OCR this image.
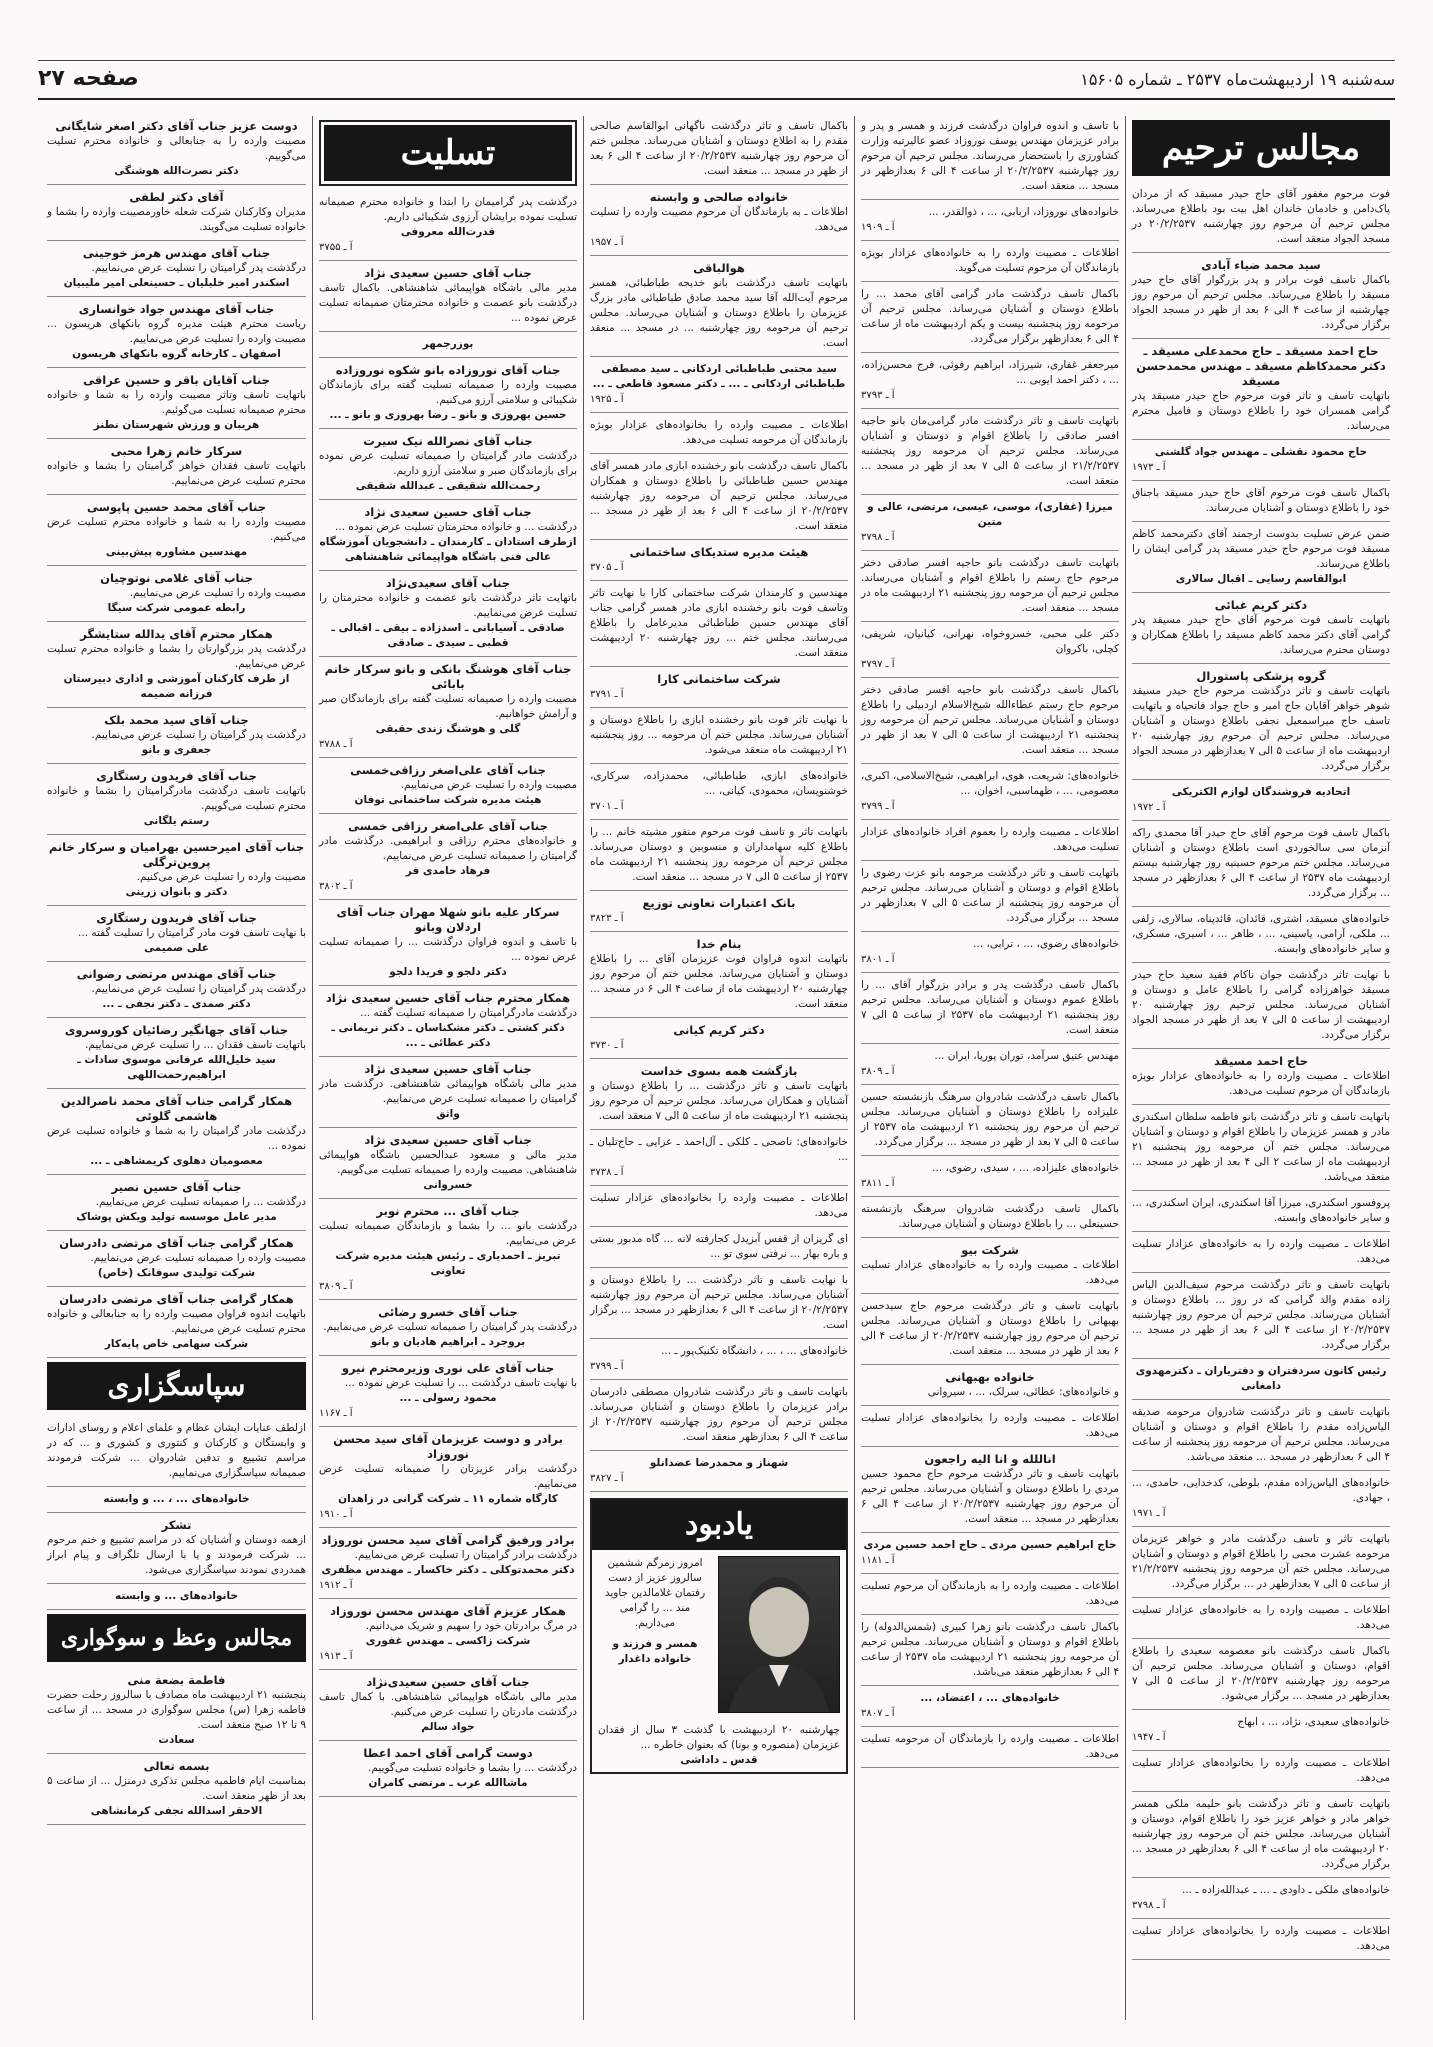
سه‌شنبه ۱۹ اردیبهشت‌ماه ۲۵۳۷ ـ شماره ۱۵۶۰۵
صفحه ۲۷
مجالس ترحیم
فوت مرحوم مغفور آقای حاج حیدر مسیقد که از مردان پاک‌دامن و خادمان خاندان اهل بیت بود باطلاع می‌رساند. مجلس ترحیم آن مرحوم روز چهارشنبه ۲۰/۲/۲۵۳۷ در مسجد الجواد منعقد است.
سید محمد ضیاء آبادی
باکمال تاسف فوت برادر و پدر بزرگوار آقای حاج حیدر مسیقد را باطلاع می‌رساند. مجلس ترحیم آن مرحوم روز چهارشنبه از ساعت ۴ الی ۶ بعد از ظهر در مسجد الجواد برگزار می‌گردد.
حاج احمد مسیقد ـ حاج محمدعلی مسیقد ـ دکتر محمدکاظم مسیقد ـ مهندس محمدحسن مسیقد
باتهایت تاسف و تاثر فوت مرحوم حاج حیدر مسیقد پدر گرامی همسران خود را باطلاع دوستان و فامیل محترم می‌رساند.
حاج محمود نقشلی ـ مهندس جواد گلشنی
آ ـ ۱۹۷۳
باکمال تاسف فوت مرحوم آقای حاج حیدر مسیقد باجناق خود را باطلاع دوستان و آشنایان می‌رساند.
ضمن عرض تسلیت بدوست ارجمند آقای دکترمحمد کاظم مسیقد فوت مرحوم حاج حیدر مسیقد پدر گرامی ایشان را باطلاع می‌رساند.
ابوالقاسم رسایی ـ اقبال سالاری
دکتر کریم غبائی
باتهایت تاسف فوت مرحوم آقای حاج حیدر مسیقد پدر گرامی آقای دکتر محمد کاظم مسیقد را باطلاع همکاران و دوستان محترم می‌رساند.
گروه پزشکی پاستورال
باتهایت تاسف و تاثر درگذشت مرحوم حاج حیدر مسیقد شوهر خواهر آقایان حاج امیر و حاج جواد فاتحیاه و باتهایت تاسف حاج میراسمعیل نجفی باطلاع دوستان و آشنایان می‌رساند. مجلس ترحیم آن مرحوم روز چهارشنبه ۲۰ اردیبهشت ماه از ساعت ۵ الی ۷ بعدازظهر در مسجد الجواد برگزار می‌گردد.
اتحادیه فروشندگان لوازم الکتریکی
آ ـ ۱۹۷۲
باکمال تاسف فوت مرحوم آقای حاج حیدر آقا محمدی راکه آنزمان سی سالخوردی است باطلاع دوستان و آشنایان می‌رساند. مجلس ختم مرحوم حسینیه روز چهارشنبه بیستم اردیبهشت ماه ۲۵۳۷ از ساعت ۴ الی ۶ بعدازظهر در مسجد ... برگزار می‌گردد.
خانواده‌های مسیقد، اشتری، قائدان، قائدپناه، سالاری، زلفی‌ ... ملکی، آرامی، یاسینی، ... ، ظاهر ... ، اسیری، مسکری، و سایر خانواده‌های وابسته.
با نهایت تاثر درگذشت جوان ناکام فقید سعید حاج حیدر مسیقد خواهرزاده گرامی را باطلاع عامل و دوستان و آشنایان می‌رساند. مجلس ترحیم روز چهارشنبه ۲۰ اردیبهشت از ساعت ۵ الی ۷ بعد از ظهر در مسجد الجواد برگزار می‌گردد.
حاج احمد مسیقد
اطلاعات ـ مصیبت وارده را به خانواده‌های عزادار بویژه بازماندگان آن مرحوم تسلیت می‌دهد.
باتهایت تاسف و تاثر درگذشت بانو فاطمه سلطان اسکندری مادر و همسر عزیزمان را باطلاع اقوام و دوستان و آشنایان می‌رساند. مجلس ختم آن مرحومه روز پنجشنبه ۲۱ اردیبهشت ماه از ساعت ۲ الی ۴ بعد از ظهر در مسجد ... منعقد می‌باشد.
پروفسور اسکندری، میرزا آقا اسکندری، ایران اسکندری، ... و سایر خانواده‌های وابسته.
اطلاعات ـ مصیبت وارده را به خانواده‌های عزادار تسلیت می‌دهد.
باتهایت تاسف و تاثر درگذشت مرحوم سیف‌الدین الیاس زاده مقدم والد گرامی که در روز ... باطلاع دوستان و آشنایان می‌رساند. مجلس ترحیم آن مرحوم روز چهارشنبه ۲۰/۲/۲۵۳۷ از ساعت ۴ الی ۶ بعد از ظهر در مسجد ... برگزار می‌گردد.
رئیس کانون سردفتران و دفتریاران ـ دکترمهدوی دامغانی
باتهایت تاسف و تاثر درگذشت شادروان مرحومه صدیقه الیاس‌زاده مقدم را باطلاع اقوام و دوستان و آشنایان می‌رساند. مجلس ترحیم آن مرحومه روز پنجشنبه از ساعت ۴ الی ۶ بعدازظهر در مسجد ... منعقد می‌باشد.
خانواده‌های الیاس‌زاده مقدم، بلوطی، کدخدایی، حامدی، ... ، جهادی.
آ ـ ۱۹۷۱
باتهایت تاثر و تاسف درگذشت مادر و خواهر عزیزمان مرحومه عشرت محبی را باطلاع اقوام و دوستان و آشنایان می‌رساند. مجلس ختم آن مرحومه روز پنجشنبه ۲۱/۲/۲۵۳۷ از ساعت ۵ الی ۷ بعدازظهر در ... برگزار می‌گردد.
اطلاعات ـ مصیبت وارده را به خانواده‌های عزادار تسلیت می‌دهد.
باکمال تاسف درگذشت بانو معصومه سعیدی را باطلاع اقوام، دوستان و آشنایان می‌رساند. مجلس ترحیم آن مرحومه روز چهارشنبه ۲۰/۲/۲۵۳۷ از ساعت ۵ الی ۷ بعدازظهر در مسجد ... برگزار می‌شود.
خانواده‌های سعیدی، نژاد، ... ، ابهاج
آ ـ ۱۹۴۷
اطلاعات ـ مصیبت وارده را بخانواده‌های عزادار تسلیت می‌دهد.
باتهایت تاسف و تاثر درگذشت بانو حلیمه ملکی همسر خواهر مادر و خواهر عزیز خود را باطلاع اقوام، دوستان و آشنایان می‌رساند. مجلس ختم آن مرحومه روز چهارشنبه ۲۰ اردیبهشت ماه از ساعت ۴ الی ۶ بعدازظهر در مسجد ... برگزار می‌گردد.
خانواده‌های ملکی ـ داودی ـ ... ـ عبدالله‌زاده ـ ...
آ ـ ۳۷۹۸
اطلاعات ـ مصیبت وارده را بخانواده‌های عزادار تسلیت می‌دهد.
با تاسف و اندوه فراوان درگذشت فرزند و همسر و پدر و برادر عزیزمان مهندس یوسف نوروزاد عضو عالیرتبه وزارت کشاورزی را باستحضار می‌رساند. مجلس ترحیم آن مرحوم روز چهارشنبه ۲۰/۲/۲۵۳۷ از ساعت ۴ الی ۶ بعدازظهر در مسجد ... منعقد است.
خانواده‌های نوروزاد، اربابی، ... ، ذوالقدر، ...
آ ـ ۱۹۰۹
اطلاعات ـ مصیبت وارده را به خانواده‌های عزادار بویژه بازماندگان آن مرحوم تسلیت می‌گوید.
باکمال تاسف درگذشت مادر گرامی آقای محمد ... را باطلاع دوستان و آشنایان می‌رساند. مجلس ترحیم آن مرحومه روز پنجشنبه بیست و یکم اردیبهشت ماه از ساعت ۴ الی ۶ بعدازظهر برگزار می‌گردد.
میرجعفر غفاری، شیرزاد، ابراهیم رفوئی، فرج محسن‌زاده، ... ، دکتر احمد ایوبی ...
آ ـ ۳۷۹۳
باتهایت تاسف و تاثر درگذشت مادر گرامی‌مان بانو حاجیه افسر صادقی را باطلاع اقوام و دوستان و آشنایان می‌رساند. مجلس ترحیم آن مرحومه روز پنجشنبه ۲۱/۲/۲۵۳۷ از ساعت ۵ الی ۷ بعد از ظهر در مسجد ... منعقد است.
میرزا (غفاری)، موسی، عیسی، مرتضی، عالی و متین
آ ـ ۳۷۹۸
باتهایت تاسف درگذشت بانو حاجیه افسر صادقی دختر مرحوم حاج رستم را باطلاع اقوام و آشنایان می‌رساند. مجلس ترحیم آن مرحومه روز پنجشنبه ۲۱ اردیبهشت ماه در مسجد ... منعقد است.
دکتر علی محبی، خسروخواه، نهرانی، کیانیان، شریفی، کچلی، باکروان
آ ـ ۳۷۹۷
باکمال تاسف درگذشت بانو حاجیه افسر صادقی دختر مرحوم حاج رستم عطاءالله شیخ‌الاسلام اردبیلی را باطلاع دوستان و آشنایان می‌رساند. مجلس ترحیم آن مرحومه روز پنجشنبه ۲۱ اردیبهشت از ساعت ۵ الی ۷ بعد از ظهر در مسجد ... منعقد است.
خانواده‌های: شریعت، هوی، ابراهیمی، شیخ‌الاسلامی، اکبری، معصومی، ... ، طهماسبی، اخوان، ...
آ ـ ۳۷۹۹
اطلاعات ـ مصیبت وارده را بعموم افراد خانواده‌های عزادار تسلیت می‌دهد.
باتهایت تاسف و تاثر درگذشت مرحومه بانو عزت رضوی را باطلاع اقوام و دوستان و آشنایان می‌رساند. مجلس ترحیم آن مرحومه روز پنجشنبه از ساعت ۵ الی ۷ بعدازظهر در مسجد ... برگزار می‌گردد.
خانواده‌های رضوی، ... ، ترابی، ...
آ ـ ۳۸۰۱
باکمال تاسف درگذشت پدر و برادر بزرگوار آقای ... را باطلاع عموم دوستان و آشنایان می‌رساند. مجلس ترحیم روز پنجشنبه ۲۱ اردیبهشت ماه ۲۵۳۷ از ساعت ۵ الی ۷ منعقد است.
مهندس عتیق سرآمد، توران پوریا، ایران ...
آ ـ ۳۸۰۹
باکمال تاسف درگذشت شادروان سرهنگ بازنشسته حسین علیزاده را باطلاع دوستان و آشنایان می‌رساند. مجلس ترحیم آن مرحوم روز پنجشنبه ۲۱ اردیبهشت ماه ۲۵۳۷ از ساعت ۵ الی ۷ بعد از ظهر در مسجد ... برگزار می‌گردد.
خانواده‌های علیزاده، ... ، سیدی، رضوی، ...
آ ـ ۳۸۱۱
باکمال تاسف درگذشت شادروان سرهنگ بازنشسته حسینعلی ... را باطلاع دوستان و آشنایان می‌رساند.
شرکت بیو
اطلاعات ـ مصیبت وارده را به خانواده‌های عزادار تسلیت می‌دهد.
باتهایت تاسف و تاثر درگذشت مرحوم حاج سیدحسن بهبهانی را باطلاع دوستان و آشنایان می‌رساند. مجلس ترحیم آن مرحوم روز چهارشنبه ۲۰/۲/۲۵۳۷ از ساعت ۴ الی ۶ بعد از ظهر در مسجد ... منعقد است.
خانواده بهبهانی
و خانواده‌های: عطائی، سرلک، ... ، سیروانی
اطلاعات ـ مصیبت وارده را بخانواده‌های عزادار تسلیت می‌دهد.
اناللله و انا الیه راجعون
باتهایت تاسف و تاثر درگذشت مرحوم حاج محمود حسین مردی را باطلاع دوستان و آشنایان می‌رساند. مجلس ترحیم آن مرحوم روز چهارشنبه ۲۰/۲/۲۵۳۷ از ساعت ۴ الی ۶ بعدازظهر در مسجد ... منعقد است.
حاج ابراهیم حسین مردی ـ حاج احمد حسین مردی
آ ـ ۱۱۸۱
اطلاعات ـ مصیبت وارده را به بازماندگان آن مرحوم تسلیت می‌دهد.
باکمال تاسف درگذشت بانو زهرا کبیری (شمس‌الدوله) را باطلاع اقوام و دوستان و آشنایان می‌رساند. مجلس ترحیم آن مرحومه روز پنجشنبه ۲۱ اردیبهشت ماه ۲۵۳۷ از ساعت ۴ الی ۶ بعدازظهر منعقد می‌باشد.
خانواده‌های ... ، اعتضاد، ...
آ ـ ۳۸۰۷
اطلاعات ـ مصیبت وارده را بازماندگان آن مرحومه تسلیت می‌دهد.
باکمال تاسف و تاثر درگذشت ناگهانی ابوالقاسم صالحی مقدم را به اطلاع دوستان و آشنایان می‌رساند. مجلس ختم آن مرحوم روز چهارشنبه ۲۰/۲/۲۵۳۷ از ساعت ۴ الی ۶ بعد از ظهر در مسجد ... منعقد است.
خانواده صالحی و وابسته
اطلاعات ـ به بازماندگان آن مرحوم مصیبت وارده را تسلیت می‌دهد.
آ ـ ۱۹۵۷
هوالباقی
باتهایت تاسف درگذشت بانو خدیجه طباطبائی، همسر مرحوم آیت‌الله آقا سید محمد صادق طباطبائی مادر بزرگ عزیزمان را باطلاع دوستان و آشنایان می‌رساند. مجلس ترحیم آن مرحومه روز چهارشنبه ... در مسجد ... منعقد است.
سید مجتبی طباطبائی اردکانی ـ سید مصطفی طباطبائی اردکانی ـ ... ـ دکتر مسعود قاطعی ـ ...
آ ـ ۱۹۲۵
اطلاعات ـ مصیبت وارده را بخانواده‌های عزادار بویژه بازماندگان آن مرحومه تسلیت می‌دهد.
باکمال تاسف درگذشت بانو رخشنده ابازی مادر همسر آقای مهندس حسین طباطبائی را باطلاع دوستان و همکاران می‌رساند. مجلس ترحیم آن مرحومه روز چهارشنبه ۲۰/۲/۲۵۳۷ از ساعت ۴ الی ۶ بعد از ظهر در مسجد ... منعقد است.
هیئت مدیره ستدیکای ساختمانی
آ ـ ۳۷۰۵
مهندسین و کارمندان شرکت ساختمانی کارا با نهایت تاثر وتاسف فوت بانو رخشنده ابازی مادر همسر گرامی جناب آقای مهندس حسین طباطبائی مدیرعامل را باطلاع می‌رسانند. مجلس ختم ... روز چهارشنبه ۲۰ اردیبهشت منعقد است.
شرکت ساختمانی کارا
آ ـ ۳۷۹۱
با نهایت تاثر فوت بانو رخشنده ابازی را باطلاع دوستان و آشنایان می‌رساند. مجلس ختم آن مرحومه ... روز پنجشنبه ۲۱ اردیبهشت ماه منعقد می‌شود.
خانواده‌های ابازی، طباطبائی، محمدزاده، سرکاری، خوشنویسان، محمودی، کیانی، ...
آ ـ ۳۷۰۱
باتهایت تاثر و تاسف فوت مرحوم منفور مشیته خانم ... را باطلاع کلیه سهامداران و منسوبین و دوستان می‌رساند. مجلس ترحیم آن مرحومه روز پنجشنبه ۲۱ اردیبهشت ماه ۲۵۳۷ از ساعت ۵ الی ۷ در مسجد ... منعقد است.
بانک اعتبارات تعاونی توزیع
آ ـ ۳۸۲۳
بنام خدا
باتهایت اندوه فراوان فوت عزیزمان آقای ... را باطلاع دوستان و آشنایان می‌رساند. مجلس ختم آن مرحوم روز چهارشنبه ۲۰ اردیبهشت ماه از ساعت ۴ الی ۶ در مسجد ... منعقد است.
دکتر کریم کیانی
آ ـ ۳۷۳۰
بازگشت همه بسوی خداست
باتهایت تاسف و تاثر درگذشت ... را باطلاع دوستان و آشنایان و همکاران می‌رساند. مجلس ترحیم آن مرحوم روز پنجشنبه ۲۱ اردیبهشت ماه از ساعت ۵ الی ۷ منعقد است.
خانواده‌های: ناصحی ـ کلکی ـ آل‌احمد ـ عزایی ـ حاج‌تلیان ـ ...
آ ـ ۳۷۳۸
اطلاعات ـ مصیبت وارده را بخانواده‌های عزادار تسلیت می‌دهد.
ای گریزان از قفس آبزیدل کجارفته لانه ... گاه مدبور بستی و باره بهار ... نرفتی سوی تو ...
با نهایت تاسف و تاثر درگذشت ... را باطلاع دوستان و آشنایان می‌رساند. مجلس ترحیم آن مرحوم روز چهارشنبه ۲۰/۲/۲۵۳۷ از ساعت ۴ الی ۶ بعدازظهر در مسجد ... برگزار است.
خانواده‌های ... ، ... ، دانشگاه تکنیک‌پور ـ ...
آ ـ ۳۷۹۹
باتهایت تاسف و تاثر درگذشت شادروان مصطفی دادرسان برادر عزیزمان را باطلاع دوستان و آشنایان می‌رساند. مجلس ترحیم آن مرحوم روز چهارشنبه ۲۰/۲/۲۵۳۷ از ساعت ۴ الی ۶ بعدازظهر منعقد است.
شهناز و محمدرضا عضدانلو
آ ـ ۳۸۲۷
یادبود
امروز زمرگم ششمین سالروز عزیز از دست رفتمان غلامالدین جاوید مند ... را گرامی می‌داریم.
همسر و فرزند و خانواده داغدار
چهارشنبه ۲۰ اردیبهشت با گذشت ۳ سال از فقدان عزیزمان (منصوره و بونا) که بعنوان خاطره ...
قدس ـ داداشی
تسلیت
درگذشت پدر گرامیمان را ابتدا و خانواده محترم صمیمانه تسلیت نموده برایشان آرزوی شکیبائی داریم.
قدرت‌الله معروفی
آ ـ ۳۷۵۵
جناب آقای حسین سعیدی نژاد
مدیر مالی باشگاه هواپیمائی شاهنشاهی. باکمال تاسف درگذشت بانو عصمت و خانواده محترمتان صمیمانه تسلیت عرض نموده ...
بوزرجمهر
جناب آقای نوروزاده بانو شکوه نوروزاده
مصیبت وارده را صمیمانه تسلیت گفته برای بازماندگان شکیبائی و سلامتی آرزو می‌کنیم.
حسین بهروزی و بانو ـ رضا بهروزی و بانو ـ ...
جناب آقای نصرالله نیک سیرت
درگذشت مادر گرامیتان را صمیمانه تسلیت عرض نموده برای بازماندگان صبر و سلامتی آرزو داریم.
رحمت‌الله شقیقی ـ عبدالله شقیقی
جناب آقای حسین سعیدی نژاد
درگذشت ... و خانواده محترمتان تسلیت عرض نموده ...
ازطرف استادان ـ کارمندان ـ دانشجویان آموزشگاه عالی فنی باشگاه هواپیمائی شاهنشاهی
جناب آقای سعیدی‌نژاد
باتهایت تاثر درگذشت بانو عصمت و خانواده محترمتان را تسلیت عرض می‌نماییم.
صادقی ـ آسیابانی ـ اسدزاده ـ بیقی ـ اقبالی ـ قطبی ـ سیدی ـ صادقی
جناب آقای هوشنگ بانکی و بانو سرکار خانم بابائی
مصیبت وارده را صمیمانه تسلیت گفته برای بازماندگان صبر و آرامش خواهانیم.
گلی و هوشنگ زندی حقیقی
آ ـ ۳۷۸۸
جناب آقای علی‌اصغر رزاقی‌خمسی
مصیبت وارده را تسلیت عرض می‌نماییم.
هیئت مدیره شرکت ساختمانی توفان
جناب آقای علی‌اصغر رزاقی خمسی
و خانواده‌های محترم رزاقی و ابراهیمی. درگذشت مادر گرامیتان را صمیمانه تسلیت عرض می‌نماییم.
فرهاد حامدی فر
آ ـ ۳۸۰۲
سرکار علیه بانو شهلا مهران جناب آقای اردلان وبانو
با تاسف و اندوه فراوان درگذشت ... را صمیمانه تسلیت عرض نموده ...
دکتر دلجو و فریدا دلجو
همکار محترم جناب آقای حسین سعیدی نژاد
درگذشت مادرگرامیتان را صمیمانه تسلیت گفته ...
دکتر کشتی ـ دکتر مشکناسان ـ دکتر نریمانی ـ دکتر عطائی ـ ...
جناب آقای حسین سعیدی نژاد
مدیر مالی باشگاه هواپیمائی شاهنشاهی. درگذشت مادر گرامیتان را صمیمانه تسلیت عرض می‌نماییم.
واثق
جناب آقای حسین سعیدی نژاد
مدیر مالی و مسعود عبدالحسین باشگاه هواپیمائی شاهنشاهی. مصیبت وارده را صمیمانه تسلیت می‌گوییم.
خسروانی
جناب آقای ... محترم نوبر
درگذشت بانو ... را بشما و بازماندگان صمیمانه تسلیت عرض می‌نماییم.
تبریز ـ احمدیاری ـ رئیس هیئت مدیره شرکت تعاونی
آ ـ ۳۸۰۹
جناب آقای خسرو رضائی
درگذشت پدر گرامیتان را صمیمانه تسلیت عرض می‌نماییم.
بروجرد ـ ابراهیم هادیان و بانو
جناب آقای علی نوری وزیرمحترم نیرو
با نهایت تاسف درگذشت ... را تسلیت عرض نموده ...
محمود رسولی ـ ...
آ ـ ۱۱۶۷
برادر و دوست عزیزمان آقای سید محسن نوروزاد
درگذشت برادر عزیزتان را صمیمانه تسلیت عرض می‌نماییم.
کارگاه شماره ۱۱ ـ شرکت گرانی در زاهدان
آ ـ ۱۹۱۰
برادر ورفیق گرامی آقای سید محسن نوروزاد
درگذشت برادر گرامیتان را تسلیت عرض می‌نماییم.
دکتر محمدتوکلی ـ دکتر خاکسار ـ مهندس مظفری
آ ـ ۱۹۱۲
همکار عزیزم آقای مهندس محسن نوروزاد
در مرگ برادرتان خود را سهیم و شریک می‌دانیم.
شرکت زاکسی ـ مهندس غفوری
آ ـ ۱۹۱۳
جناب آقای حسین سعیدی‌نژاد
مدیر مالی باشگاه هواپیمائی شاهنشاهی. با کمال تاسف درگذشت مادرتان را تسلیت عرض می‌کنیم.
جواد سالم
دوست گرامی آقای احمد اعطا
درگذشت ... را بشما و خانواده تسلیت می‌گوییم.
ماشاالله عرب ـ مرتضی کامران
دوست عزیز جناب آقای دکتر اصغر شایگانی
مصیبت وارده را به جنابعالی و خانواده محترم تسلیت می‌گوییم.
دکتر نصرت‌الله هوشنگی
آقای دکتر لطفی
مدیران وکارکنان شرکت شعله خاورمصیبت وارده را بشما و خانواده تسلیت می‌گویند.
جناب آقای مهندس هرمز خوجینی
درگذشت پدر گرامیتان را تسلیت عرض می‌نماییم.
اسکندر امیر خلیلیان ـ حسینعلی امیر ملیبیان
جناب آقای مهندس جواد خوانساری
ریاست محترم هیئت مدیره گروه بانکهای هریسون ... مصیبت وارده را تسلیت عرض می‌نماییم.
اصفهان ـ کارخانه گروه بانکهای هریسون
جناب آقایان باقر و حسین عراقی
باتهایت تاسف وتاثر مصیبت وارده را به شما و خانواده محترم صمیمانه تسلیت می‌گوئیم.
هریبان و ورزش شهرستان نطنز
سرکار خانم زهرا محبی
باتهایت تاسف فقدان خواهر گرامیتان را بشما و خانواده محترم تسلیت عرض می‌نماییم.
جناب آقای محمد حسین پاپوسی
مصیبت وارده را به شما و خانواده محترم تسلیت عرض می‌کنیم.
مهندسین مشاوره پیش‌بینی
جناب آقای غلامی نوتوچیان
مصیبت وارده را تسلیت عرض می‌نماییم.
رابطه عمومی شرکت سیگا
همکار محترم آقای یدالله ستایشگر
درگذشت پدر بزرگوارتان را بشما و خانواده محترم تسلیت عرض می‌نماییم.
از طرف کارکنان آموزشی و اداری دبیرستان فرزانه ضمیمه
جناب آقای سید محمد بلک
درگذشت پدر گرامیتان را تسلیت عرض می‌نماییم.
جعفری و بانو
جناب آقای فریدون رستگاری
باتهایت تاسف درگذشت مادرگرامیتان را بشما و خانواده محترم تسلیت می‌گوییم.
رستم یلگانی
جناب آقای امیرحسین بهرامیان و سرکار خانم پروین‌ترگلی
مصیبت وارده را تسلیت عرض می‌کنیم.
دکتر و بانوان زرینی
جناب آقای فریدون رستگاری
با نهایت تاسف فوت مادر گرامیتان را تسلیت گفته ...
علی صمیمی
جناب آقای مهندس مرتضی رضوانی
درگذشت پدر گرامیتان را تسلیت عرض می‌نماییم.
دکتر صمدی ـ دکتر نجفی ـ ...
جناب آقای جهانگیر رضائیان کوروسروی
باتهایت تاسف فقدان ... را تسلیت عرض می‌نماییم.
سید خلیل‌الله عرفانی موسوی سادات ـ ابراهیم‌رحمت‌اللهی
همکار گرامی جناب آقای محمد ناصرالدین هاشمی گلوئی
درگذشت مادر گرامیتان را به شما و خانواده تسلیت عرض نموده ...
معصومیان دهلوی کریمشاهی ـ ...
جناب آقای حسین نصیر
درگذشت ... را صمیمانه تسلیت عرض می‌نماییم.
مدیر عامل موسسه تولید ویکش پوشاک
همکار گرامی جناب آقای مرتضی دادرسان
مصیبت وارده را صمیمانه تسلیت عرض می‌نماییم.
شرکت تولیدی سوفانک (خاص)
همکار گرامی جناب آقای مرتضی دادرسان
باتهایت اندوه فراوان مصیبت وارده را به جنابعالی و خانواده محترم تسلیت عرض می‌نماییم.
شرکت سهامی خاص پایه‌کار
سپاسگزاری
ازلطف عنایات ایشان عظام و علمای اعلام و روسای ادارات و وابستگان و کارکنان و کنتوری و کشوری و ... که در مراسم تشییع و تدفین شادروان ... شرکت فرمودند صمیمانه سپاسگزاری می‌نماییم.
خانواده‌های ... ، ... و وابسته
تشکر
ازهمه دوستان و آشنایان که در مراسم تشییع و ختم مرحوم ... شرکت فرمودند و یا با ارسال تلگراف و پیام ابراز همدردی نمودند سپاسگزاری می‌شود.
خانواده‌های ... و وابسته
مجالس وعظ و سوگواری
فاطمة بضعة منی
پنجشنبه ۲۱ اردیبهشت ماه مصادف با سالروز رحلت حضرت فاطمه زهرا (س) مجلس سوگواری در مسجد ... از ساعت ۹ تا ۱۲ صبح منعقد است.
سعادت
بسمه تعالی
بمناسبت ایام فاطمیه مجلس تذکری درمنزل ... از ساعت ۵ بعد از ظهر منعقد است.
الاحقر اسدالله نجفی کرمانشاهی
